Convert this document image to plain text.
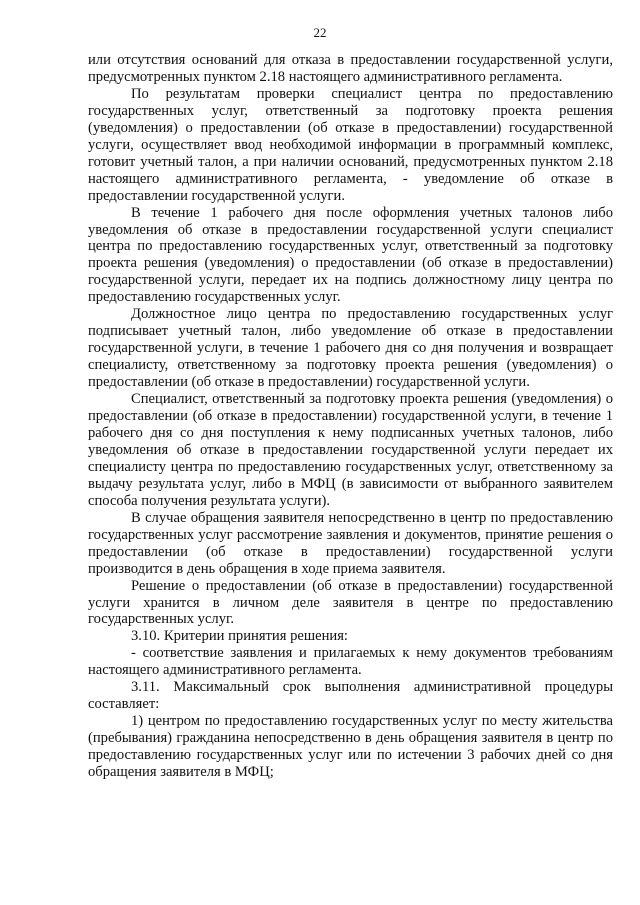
22

или отсутствия оснований для отказа в предоставлении государственной услуги, предусмотренных пунктом 2.18 настоящего административного регламента.

По результатам проверки специалист центра по предоставлению государственных услуг, ответственный за подготовку проекта решения (уведомления) о предоставлении (об отказе в предоставлении) государственной услуги, осуществляет ввод необходимой информации в программный комплекс, готовит учетный талон, а при наличии оснований, предусмотренных пунктом 2.18 настоящего административного регламента, - уведомление об отказе в предоставлении государственной услуги.

В течение 1 рабочего дня после оформления учетных талонов либо уведомления об отказе в предоставлении государственной услуги специалист центра по предоставлению государственных услуг, ответственный за подготовку проекта решения (уведомления) о предоставлении (об отказе в предоставлении) государственной услуги, передает их на подпись должностному лицу центра по предоставлению государственных услуг.

Должностное лицо центра по предоставлению государственных услуг подписывает учетный талон, либо уведомление об отказе в предоставлении государственной услуги, в течение 1 рабочего дня со дня получения и возвращает специалисту, ответственному за подготовку проекта решения (уведомления) о предоставлении (об отказе в предоставлении) государственной услуги.

Специалист, ответственный за подготовку проекта решения (уведомления) о предоставлении (об отказе в предоставлении) государственной услуги, в течение 1 рабочего дня со дня поступления к нему подписанных учетных талонов, либо уведомления об отказе в предоставлении государственной услуги передает их специалисту центра по предоставлению государственных услуг, ответственному за выдачу результата услуг, либо в МФЦ (в зависимости от выбранного заявителем способа получения результата услуги).

В случае обращения заявителя непосредственно в центр по предоставлению государственных услуг рассмотрение заявления и документов, принятие решения о предоставлении (об отказе в предоставлении) государственной услуги производится в день обращения в ходе приема заявителя.

Решение о предоставлении (об отказе в предоставлении) государственной услуги хранится в личном деле заявителя в центре по предоставлению государственных услуг.

3.10. Критерии принятия решения:

- соответствие заявления и прилагаемых к нему документов требованиям настоящего административного регламента.

3.11. Максимальный срок выполнения административной процедуры составляет:

1) центром по предоставлению государственных услуг по месту жительства (пребывания) гражданина непосредственно в день обращения заявителя в центр по предоставлению государственных услуг или по истечении 3 рабочих дней со дня обращения заявителя в МФЦ;
